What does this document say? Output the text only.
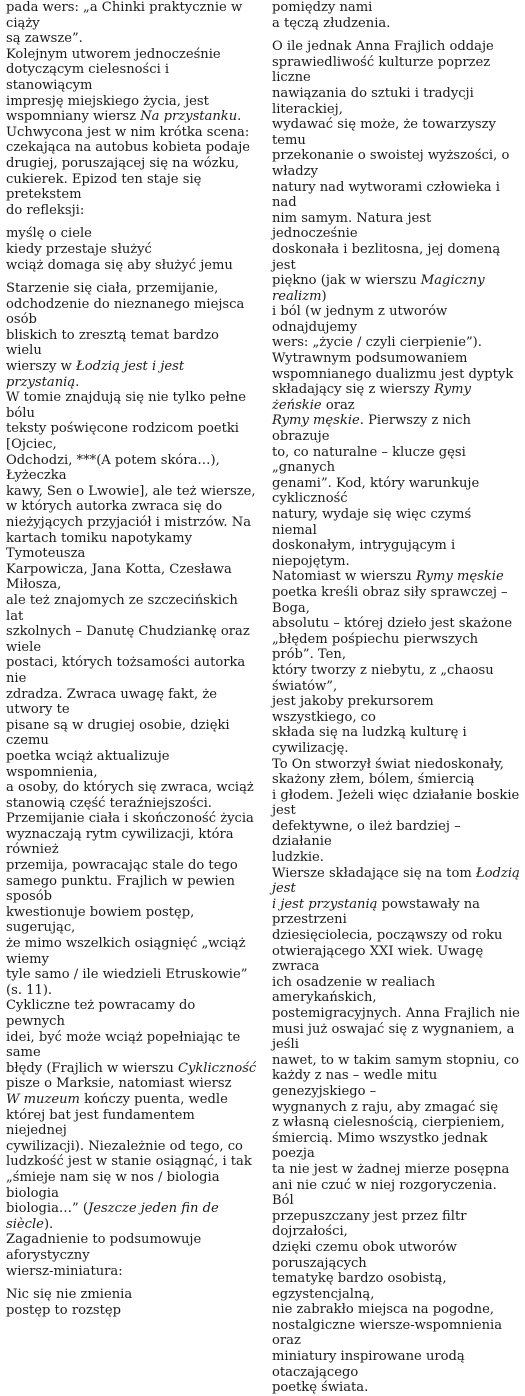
pada wers: „a Chinki praktycznie w ciąży

są zawsze”.

Kolejnym utworem jednocześnie

dotyczącym cielesności i stanowiącym

impresję miejskiego życia, jest

wspomniany wiersz Na przystanku.

Uchwycona jest w nim krótka scena:

czekająca na autobus kobieta podaje

drugiej, poruszającej się na wózku,

cukierek. Epizod ten staje się pretekstem

do refleksji:

myślę o ciele

kiedy przestaje służyć

wciąż domaga się aby służyć jemu

Starzenie się ciała, przemijanie,

odchodzenie do nieznanego miejsca osób

bliskich to zresztą temat bardzo wielu

wierszy w Łodzią jest i jest przystanią.

W tomie znajdują się nie tylko pełne bólu

teksty poświęcone rodzicom poetki [Ojciec,

Odchodzi, ***(A potem skóra…), Łyżeczka

kawy, Sen o Lwowie], ale też wiersze,

w których autorka zwraca się do

nieżyjących przyjaciół i mistrzów. Na

kartach tomiku napotykamy Tymoteusza

Karpowicza, Jana Kotta, Czesława Miłosza,

ale też znajomych ze szczecińskich lat

szkolnych – Danutę Chudziankę oraz wiele

postaci, których tożsamości autorka nie

zdradza. Zwraca uwagę fakt, że utwory te

pisane są w drugiej osobie, dzięki czemu

poetka wciąż aktualizuje wspomnienia,

a osoby, do których się zwraca, wciąż

stanowią część teraźniejszości.

Przemijanie ciała i skończoność życia

wyznaczają rytm cywilizacji, która również

przemija, powracając stale do tego

samego punktu. Frajlich w pewien sposób

kwestionuje bowiem postęp, sugerując,

że mimo wszelkich osiągnięć „wciąż wiemy

tyle samo / ile wiedzieli Etruskowie” (s. 11).

Cykliczne też powracamy do pewnych

idei, być może wciąż popełniając te same

błędy (Frajlich w wierszu Cykliczność

pisze o Marksie, natomiast wiersz

W muzeum kończy puenta, wedle

której bat jest fundamentem niejednej

cywilizacji). Niezależnie od tego, co

ludzkość jest w stanie osiągnąć, i tak

„śmieje nam się w nos / biologia biologia

biologia…” (Jeszcze jeden fin de siècle).

Zagadnienie to podsumowuje aforystyczny

wiersz-miniatura:

Nic się nie zmienia

postęp to rozstęp

pomiędzy nami

a tęczą złudzenia.

O ile jednak Anna Frajlich oddaje

sprawiedliwość kulturze poprzez liczne

nawiązania do sztuki i tradycji literackiej,

wydawać się może, że towarzyszy temu

przekonanie o swoistej wyższości, o władzy

natury nad wytworami człowieka i nad

nim samym. Natura jest jednocześnie

doskonała i bezlitosna, jej domeną jest

piękno (jak w wierszu Magiczny realizm)

i ból (w jednym z utworów odnajdujemy

wers: „życie / czyli cierpienie”).

Wytrawnym podsumowaniem

wspomnianego dualizmu jest dyptyk

składający się z wierszy Rymy żeńskie oraz

Rymy męskie. Pierwszy z nich obrazuje

to, co naturalne – klucze gęsi „gnanych

genami”. Kod, który warunkuje cykliczność

natury, wydaje się więc czymś niemal

doskonałym, intrygującym i niepojętym.

Natomiast w wierszu Rymy męskie

poetka kreśli obraz siły sprawczej – Boga,

absolutu – której dzieło jest skażone

„błędem pośpiechu pierwszych prób”. Ten,

który tworzy z niebytu, z „chaosu światów”,

jest jakoby prekursorem wszystkiego, co

składa się na ludzką kulturę i cywilizację.

To On stworzył świat niedoskonały,

skażony złem, bólem, śmiercią

i głodem. Jeżeli więc działanie boskie jest

defektywne, o ileż bardziej – działanie

ludzkie.

Wiersze składające się na tom Łodzią jest

i jest przystanią powstawały na przestrzeni

dziesięciolecia, począwszy od roku

otwierającego XXI wiek. Uwagę zwraca

ich osadzenie w realiach amerykańskich,

postemigracyjnych. Anna Frajlich nie

musi już oswajać się z wygnaniem, a jeśli

nawet, to w takim samym stopniu, co

każdy z nas – wedle mitu genezyjskiego –

wygnanych z raju, aby zmagać się

z własną cielesnością, cierpieniem,

śmiercią. Mimo wszystko jednak poezja

ta nie jest w żadnej mierze posępna

ani nie czuć w niej rozgoryczenia. Ból

przepuszczany jest przez filtr dojrzałości,

dzięki czemu obok utworów poruszających

tematykę bardzo osobistą, egzystencjalną,

nie zabrakło miejsca na pogodne,

nostalgiczne wiersze-wspomnienia oraz

miniatury inspirowane urodą otaczającego

poetkę świata.
